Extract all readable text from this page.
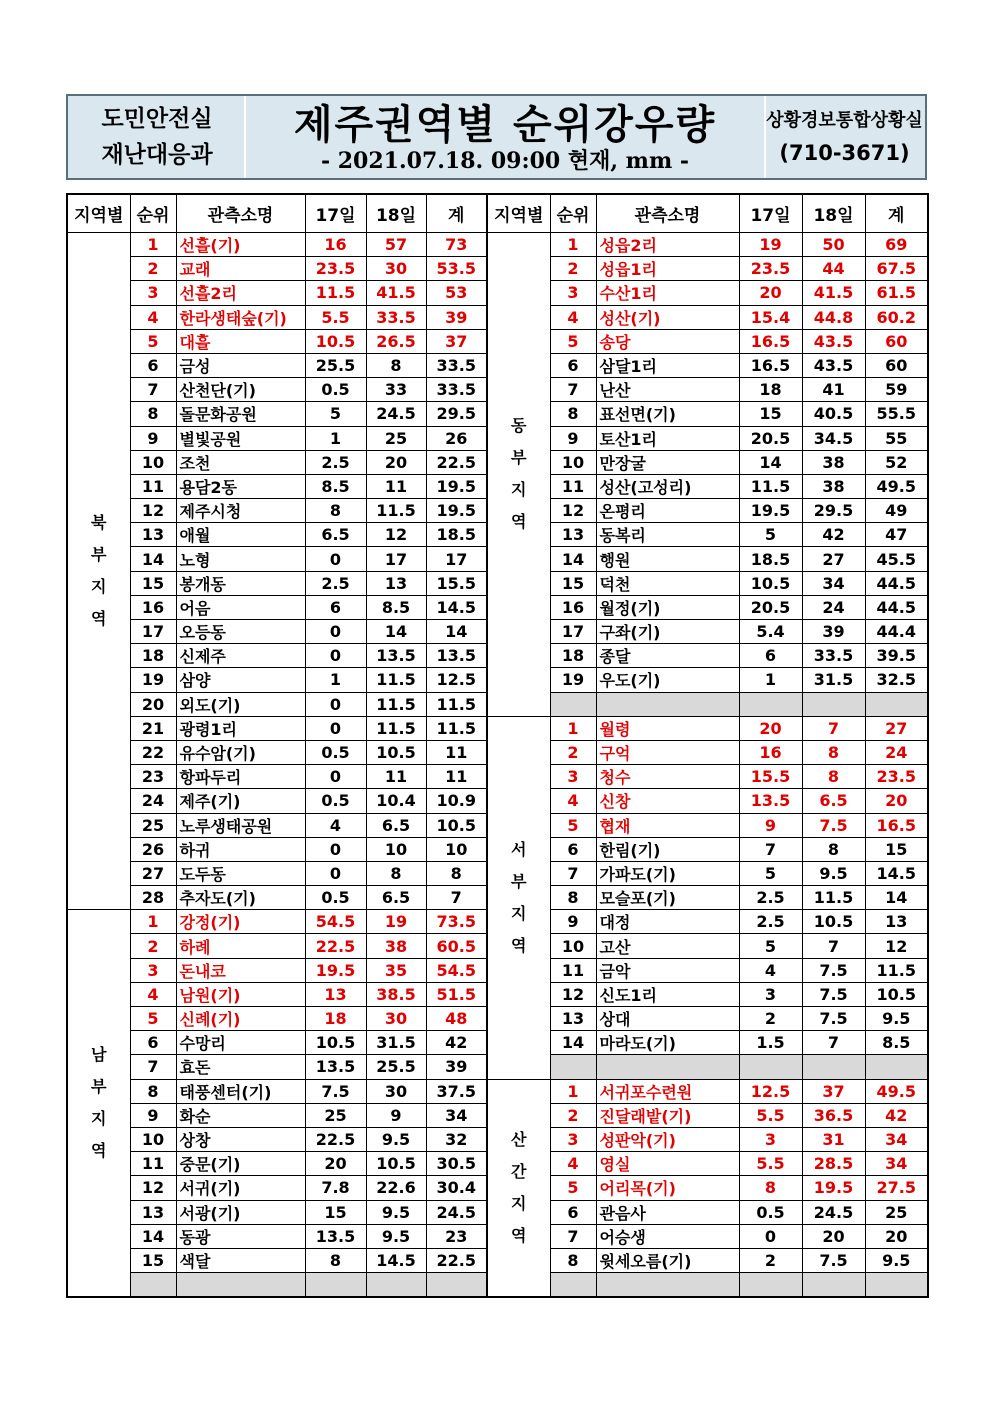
도민안전실
재난대응과
제주권역별 순위강우량
- 2021.07.18. 09:00 현재, mm -
상황경보통합상황실
(710-3671)
지역별	순위	관측소명	17일	18일	계

북
부
지
역	1	선흘(기)	16	57	73
	2	교래	23.5	30	53.5
	3	선흘2리	11.5	41.5	53
	4	한라생태숲(기)	5.5	33.5	39
	5	대흘	10.5	26.5	37
	6	금성	25.5	8	33.5
	7	산천단(기)	0.5	33	33.5
	8	돌문화공원	5	24.5	29.5
	9	별빛공원	1	25	26
	10	조천	2.5	20	22.5
	11	용담2동	8.5	11	19.5
	12	제주시청	8	11.5	19.5
	13	애월	6.5	12	18.5
	14	노형	0	17	17
	15	봉개동	2.5	13	15.5
	16	어음	6	8.5	14.5
	17	오등동	0	14	14
	18	신제주	0	13.5	13.5
	19	삼양	1	11.5	12.5
	20	외도(기)	0	11.5	11.5
	21	광령1리	0	11.5	11.5
	22	유수암(기)	0.5	10.5	11
	23	항파두리	0	11	11
	24	제주(기)	0.5	10.4	10.9
	25	노루생태공원	4	6.5	10.5
	26	하귀	0	10	10
	27	도두동	0	8	8
	28	추자도(기)	0.5	6.5	7

남
부
지
역	1	강정(기)	54.5	19	73.5
	2	하례	22.5	38	60.5
	3	돈내코	19.5	35	54.5
	4	남원(기)	13	38.5	51.5
	5	신례(기)	18	30	48
	6	수망리	10.5	31.5	42
	7	효돈	13.5	25.5	39
	8	태풍센터(기)	7.5	30	37.5
	9	화순	25	9	34
	10	상창	22.5	9.5	32
	11	중문(기)	20	10.5	30.5
	12	서귀(기)	7.8	22.6	30.4
	13	서광(기)	15	9.5	24.5
	14	동광	13.5	9.5	23
	15	색달	8	14.5	22.5

지역별	순위	관측소명	17일	18일	계

동
부
지
역	1	성읍2리	19	50	69
	2	성읍1리	23.5	44	67.5
	3	수산1리	20	41.5	61.5
	4	성산(기)	15.4	44.8	60.2
	5	송당	16.5	43.5	60
	6	삼달1리	16.5	43.5	60
	7	난산	18	41	59
	8	표선면(기)	15	40.5	55.5
	9	토산1리	20.5	34.5	55
	10	만장굴	14	38	52
	11	성산(고성리)	11.5	38	49.5
	12	온평리	19.5	29.5	49
	13	동복리	5	42	47
	14	행원	18.5	27	45.5
	15	덕천	10.5	34	44.5
	16	월정(기)	20.5	24	44.5
	17	구좌(기)	5.4	39	44.4
	18	종달	6	33.5	39.5
	19	우도(기)	1	31.5	32.5

서
부
지
역	1	월령	20	7	27
	2	구억	16	8	24
	3	청수	15.5	8	23.5
	4	신창	13.5	6.5	20
	5	협재	9	7.5	16.5
	6	한림(기)	7	8	15
	7	가파도(기)	5	9.5	14.5
	8	모슬포(기)	2.5	11.5	14
	9	대정	2.5	10.5	13
	10	고산	5	7	12
	11	금악	4	7.5	11.5
	12	신도1리	3	7.5	10.5
	13	상대	2	7.5	9.5
	14	마라도(기)	1.5	7	8.5

산
간
지
역	1	서귀포수련원	12.5	37	49.5
	2	진달래밭(기)	5.5	36.5	42
	3	성판악(기)	3	31	34
	4	영실	5.5	28.5	34
	5	어리목(기)	8	19.5	27.5
	6	관음사	0.5	24.5	25
	7	어승생	0	20	20
	8	윗세오름(기)	2	7.5	9.5
